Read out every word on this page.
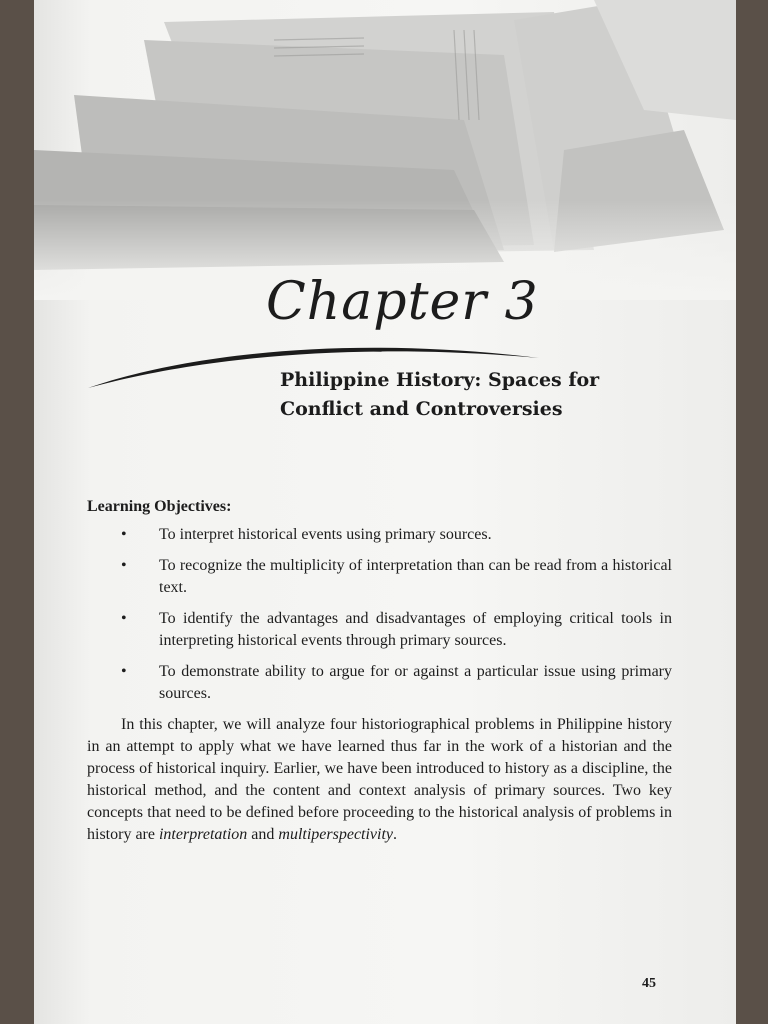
Chapter 3
Philippine History: Spaces for
Conflict and Controversies

Learning Objectives:

• To interpret historical events using primary sources.
• To recognize the multiplicity of interpretation than can be read from a historical text.
• To identify the advantages and disadvantages of employing critical tools in interpreting historical events through primary sources.
• To demonstrate ability to argue for or against a particular issue using primary sources.

In this chapter, we will analyze four historiographical problems in Philippine history in an attempt to apply what we have learned thus far in the work of a historian and the process of historical inquiry. Earlier, we have been introduced to history as a discipline, the historical method, and the content and context analysis of primary sources. Two key concepts that need to be defined before proceeding to the historical analysis of problems in history are interpretation and multiperspectivity.

45
